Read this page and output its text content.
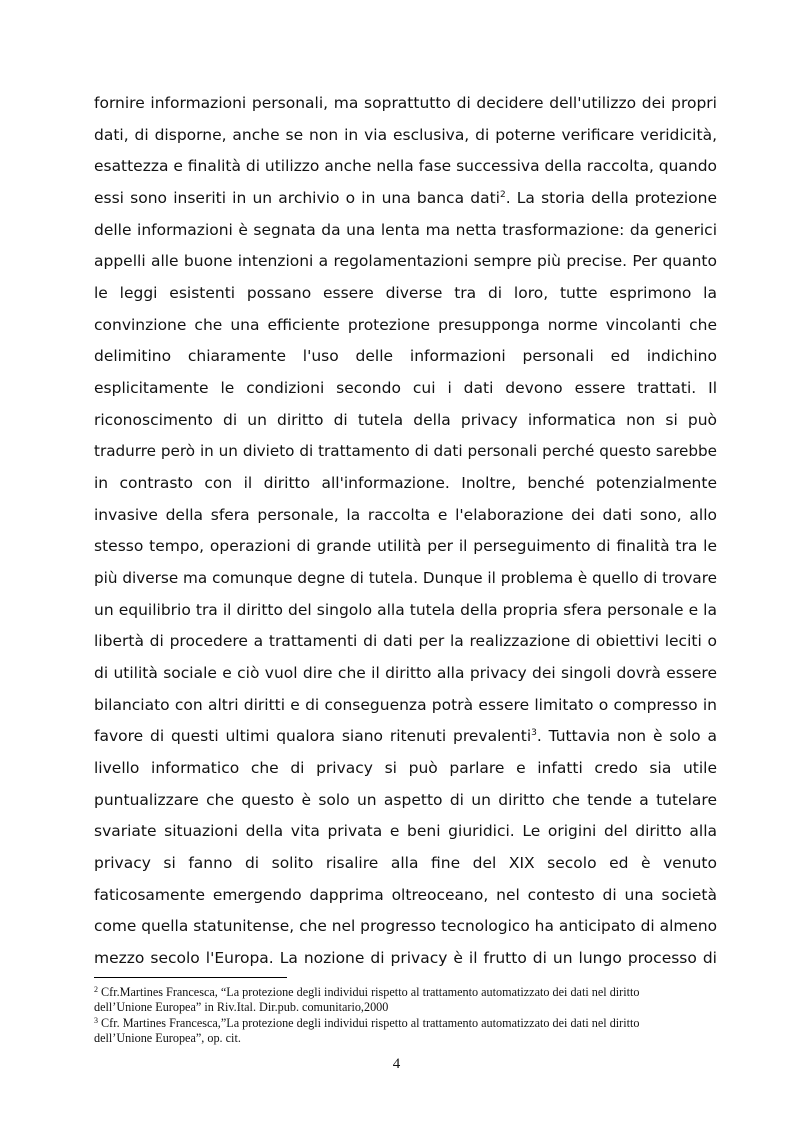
fornire informazioni personali, ma soprattutto di decidere dell'utilizzo dei propri
dati, di disporne, anche se non in via esclusiva, di poterne verificare veridicità,
esattezza e finalità di utilizzo anche nella fase successiva della raccolta, quando
essi sono inseriti in un archivio o in una banca dati$^2$. La storia della protezione
delle informazioni è segnata da una lenta ma netta trasformazione: da generici
appelli alle buone intenzioni a regolamentazioni sempre più precise. Per quanto
le leggi esistenti possano essere diverse tra di loro, tutte esprimono la
convinzione che una efficiente protezione presupponga norme vincolanti che
delimitino chiaramente l'uso delle informazioni personali ed indichino
esplicitamente le condizioni secondo cui i dati devono essere trattati. Il
riconoscimento di un diritto di tutela della privacy informatica non si può
tradurre però in un divieto di trattamento di dati personali perché questo sarebbe
in contrasto con il diritto all'informazione. Inoltre, benché potenzialmente
invasive della sfera personale, la raccolta e l'elaborazione dei dati sono, allo
stesso tempo, operazioni di grande utilità per il perseguimento di finalità tra le
più diverse ma comunque degne di tutela. Dunque il problema è quello di trovare
un equilibrio tra il diritto del singolo alla tutela della propria sfera personale e la
libertà di procedere a trattamenti di dati per la realizzazione di obiettivi leciti o
di utilità sociale e ciò vuol dire che il diritto alla privacy dei singoli dovrà essere
bilanciato con altri diritti e di conseguenza potrà essere limitato o compresso in
favore di questi ultimi qualora siano ritenuti prevalenti$^3$. Tuttavia non è solo a
livello informatico che di privacy si può parlare e infatti credo sia utile
puntualizzare che questo è solo un aspetto di un diritto che tende a tutelare
svariate situazioni della vita privata e beni giuridici. Le origini del diritto alla
privacy si fanno di solito risalire alla fine del XIX secolo ed è venuto
faticosamente emergendo dapprima oltreoceano, nel contesto di una società
come quella statunitense, che nel progresso tecnologico ha anticipato di almeno
mezzo secolo l'Europa. La nozione di privacy è il frutto di un lungo processo di
$^2$ Cfr.Martines Francesca, “La protezione degli individui rispetto al trattamento automatizzato dei dati nel diritto
dell’Unione Europea” in Riv.Ital. Dir.pub. comunitario,2000
$^3$ Cfr. Martines Francesca,”La protezione degli individui rispetto al trattamento automatizzato dei dati nel diritto
dell’Unione Europea”, op. cit.
4
